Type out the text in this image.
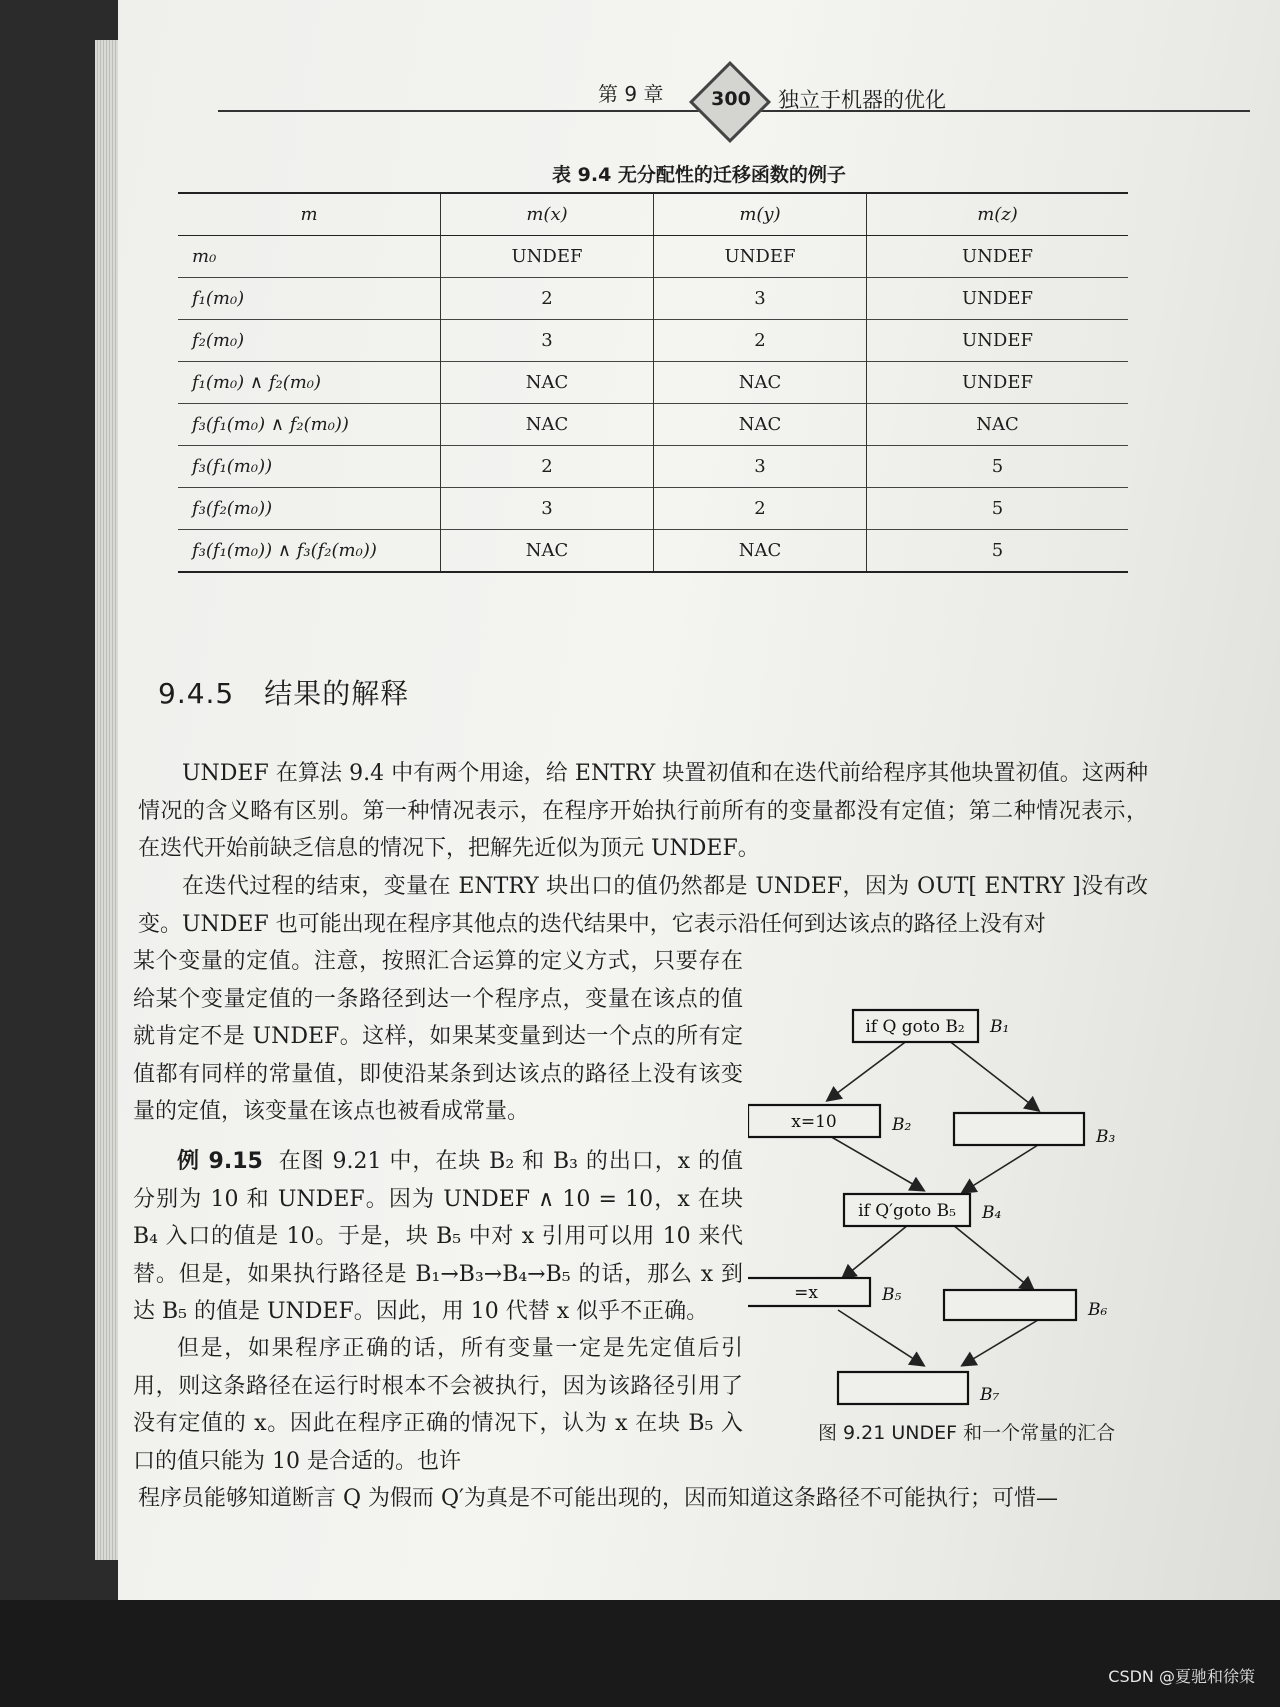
第 9 章	300	独立于机器的优化
表 9.4 无分配性的迁移函数的例子
m	m(x)	m(y)	m(z)
m₀	UNDEF	UNDEF	UNDEF
f₁(m₀)	2	3	UNDEF
f₂(m₀)	3	2	UNDEF
f₁(m₀) ∧ f₂(m₀)	NAC	NAC	UNDEF
f₃(f₁(m₀) ∧ f₂(m₀))	NAC	NAC	NAC
f₃(f₁(m₀))	2	3	5
f₃(f₂(m₀))	3	2	5
f₃(f₁(m₀)) ∧ f₃(f₂(m₀))	NAC	NAC	5
9.4.5 结果的解释
UNDEF 在算法 9.4 中有两个用途，给 ENTRY 块置初值和在迭代前给程序其他块置初值。这两种情况的含义略有区别。第一种情况表示，在程序开始执行前所有的变量都没有定值；第二种情况表示，在迭代开始前缺乏信息的情况下，把解先近似为顶元 UNDEF。
在迭代过程的结束，变量在 ENTRY 块出口的值仍然都是 UNDEF，因为 OUT[ ENTRY ]没有改变。UNDEF 也可能出现在程序其他点的迭代结果中，它表示沿任何到达该点的路径上没有对
某个变量的定值。注意，按照汇合运算的定义方式，只要存在给某个变量定值的一条路径到达一个程序点，变量在该点的值就肯定不是 UNDEF。这样，如果某变量到达一个点的所有定值都有同样的常量值，即使沿某条到达该点的路径上没有该变量的定值，该变量在该点也被看成常量。
例 9.15 在图 9.21 中，在块 B₂ 和 B₃ 的出口，x 的值分别为 10 和 UNDEF。因为 UNDEF ∧ 10 = 10，x 在块 B₄ 入口的值是 10。于是，块 B₅ 中对 x 引用可以用 10 来代替。但是，如果执行路径是 B₁→B₃→B₄→B₅ 的话，那么 x 到达 B₅ 的值是 UNDEF。因此，用 10 代替 x 似乎不正确。
但是，如果程序正确的话，所有变量一定是先定值后引用，则这条路径在运行时根本不会被执行，因为该路径引用了没有定值的 x。因此在程序正确的情况下，认为 x 在块 B₅ 入口的值只能为 10 是合适的。也许
程序员能够知道断言 Q 为假而 Q′为真是不可能出现的，因而知道这条路径不可能执行；可惜—
if Q goto B₂
x=10
if Q′goto B₅
=x
B₁
B₂
B₃
B₄
B₅
B₆
B₇
图 9.21 UNDEF 和一个常量的汇合
CSDN @夏驰和徐策
